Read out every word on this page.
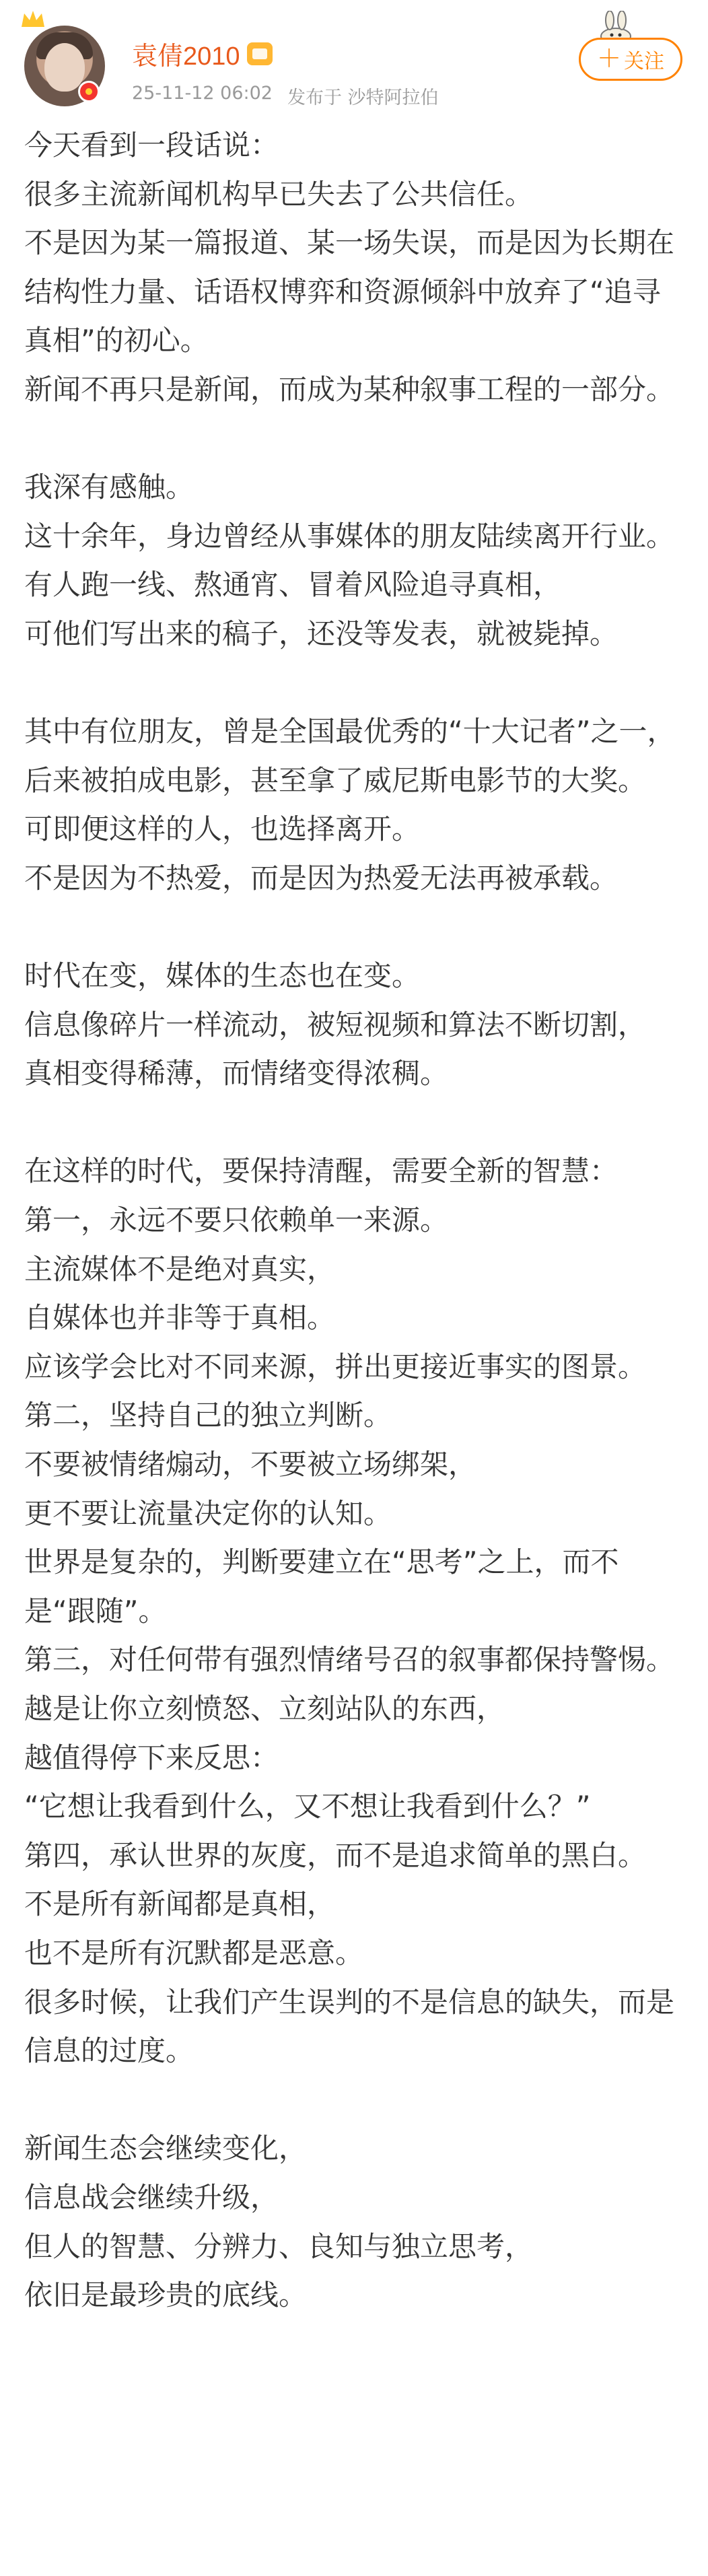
袁倩2010
25-11-12 06:02 发布于 沙特阿拉伯
＋ 关注

今天看到一段话说：

很多主流新闻机构早已失去了公共信任。

不是因为某一篇报道、某一场失误，而是因为长期在结构性力量、话语权博弈和资源倾斜中放弃了“追寻真相”的初心。

新闻不再只是新闻，而成为某种叙事工程的一部分。

我深有感触。

这十余年，身边曾经从事媒体的朋友陆续离开行业。

有人跑一线、熬通宵、冒着风险追寻真相，

可他们写出来的稿子，还没等发表，就被毙掉。

其中有位朋友，曾是全国最优秀的“十大记者”之一，

后来被拍成电影，甚至拿了威尼斯电影节的大奖。

可即便这样的人，也选择离开。

不是因为不热爱，而是因为热爱无法再被承载。

时代在变，媒体的生态也在变。

信息像碎片一样流动，被短视频和算法不断切割，

真相变得稀薄，而情绪变得浓稠。

在这样的时代，要保持清醒，需要全新的智慧：

第一，永远不要只依赖单一来源。

主流媒体不是绝对真实，

自媒体也并非等于真相。

应该学会比对不同来源，拼出更接近事实的图景。

第二，坚持自己的独立判断。

不要被情绪煽动，不要被立场绑架，

更不要让流量决定你的认知。

世界是复杂的，判断要建立在“思考”之上，而不是“跟随”。

第三，对任何带有强烈情绪号召的叙事都保持警惕。

越是让你立刻愤怒、立刻站队的东西，

越值得停下来反思：

“它想让我看到什么，又不想让我看到什么？”

第四，承认世界的灰度，而不是追求简单的黑白。

不是所有新闻都是真相，

也不是所有沉默都是恶意。

很多时候，让我们产生误判的不是信息的缺失，而是信息的过度。

新闻生态会继续变化，

信息战会继续升级，

但人的智慧、分辨力、良知与独立思考，

依旧是最珍贵的底线。
